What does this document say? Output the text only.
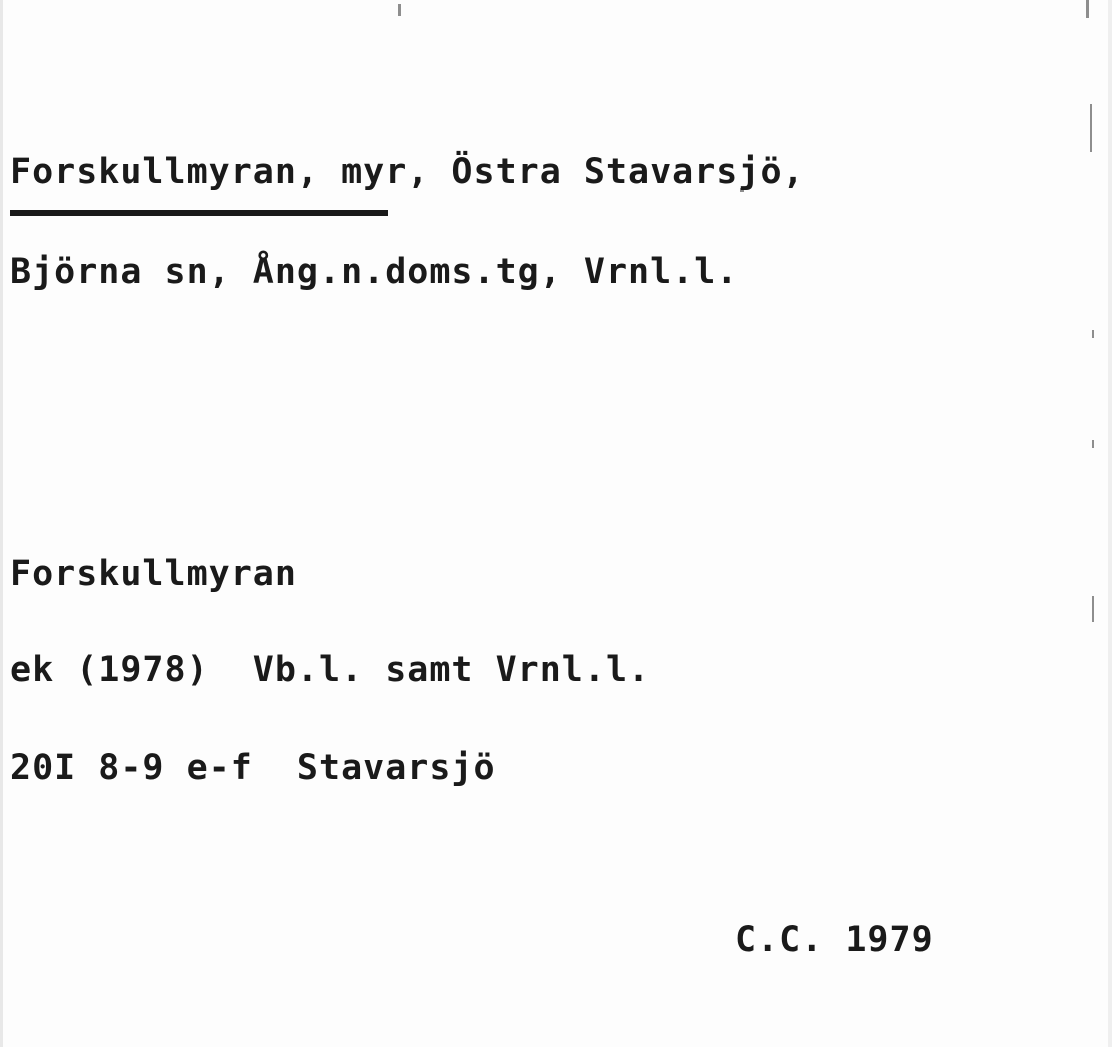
Forskullmyran, myr, Östra Stavarsjö,
Björna sn, Ång.n.doms.tg, Vrnl.l.
Forskullmyran
ek (1978)  Vb.l. samt Vrnl.l.
20I 8-9 e-f  Stavarsjö
C.C. 1979
